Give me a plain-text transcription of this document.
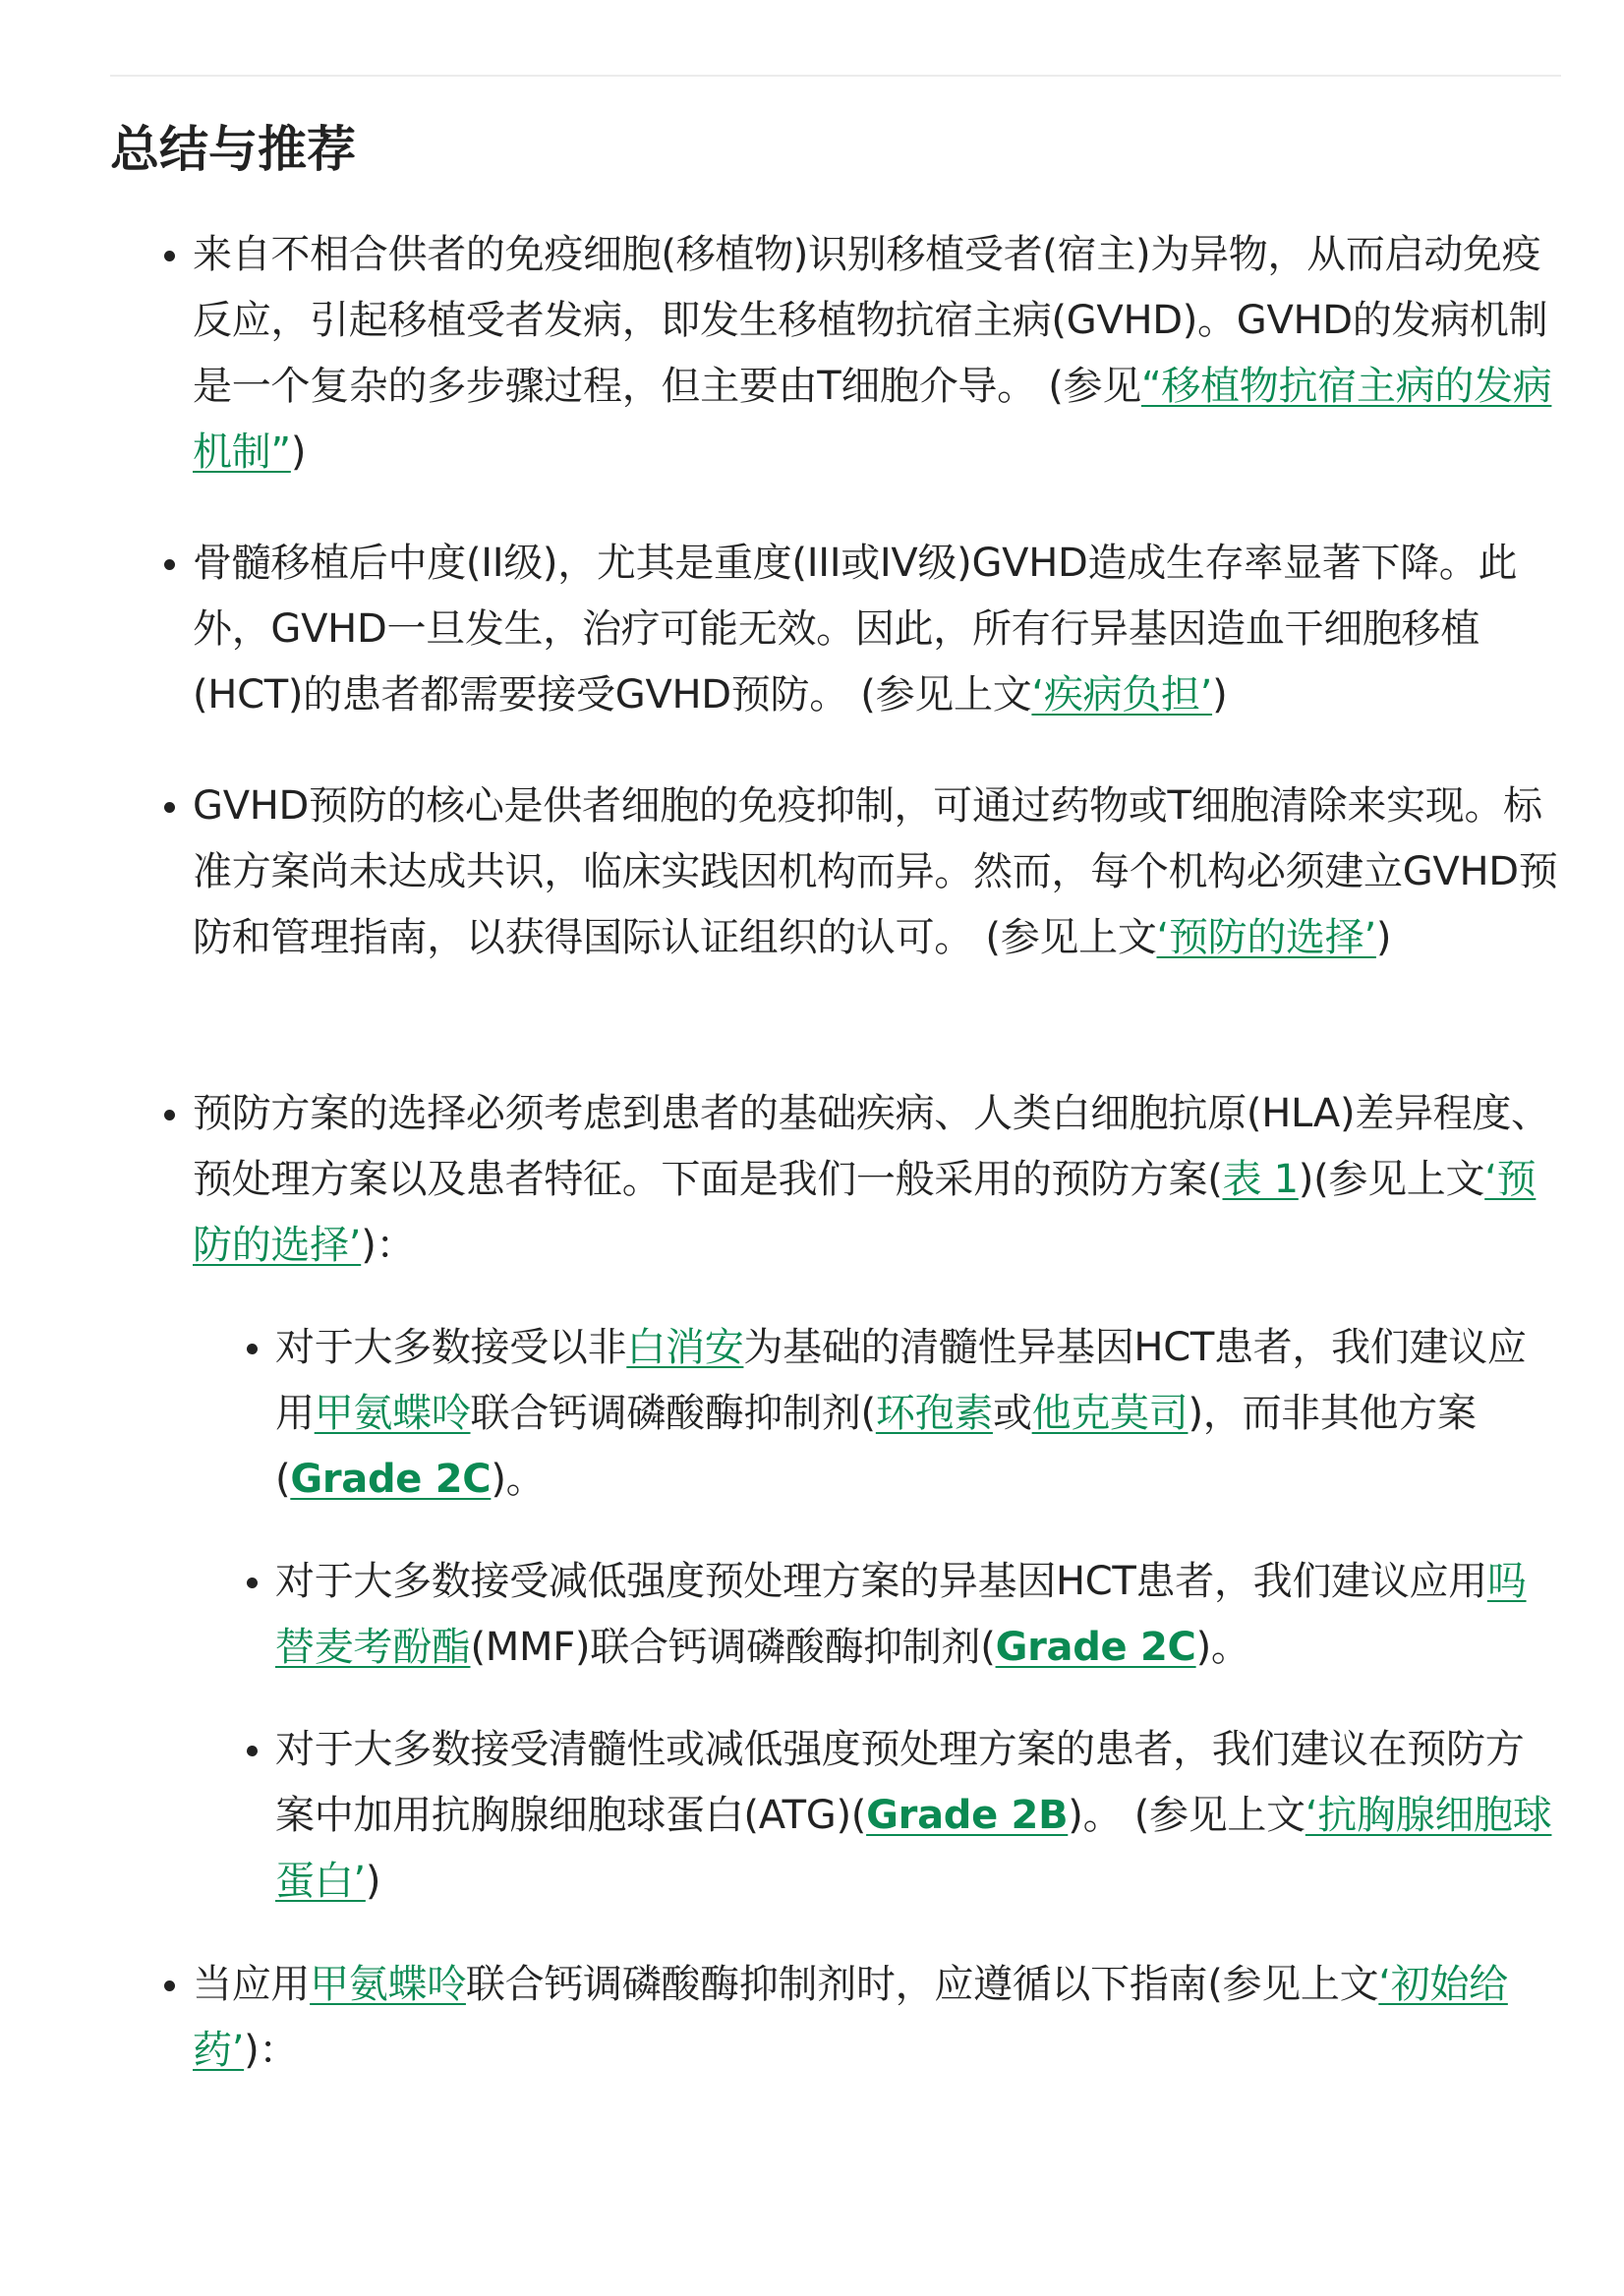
总结与推荐
来自不相合供者的免疫细胞(移植物)识别移植受者(宿主)为异物，从而启动免疫反应，引起移植受者发病，即发生移植物抗宿主病(GVHD)。GVHD的发病机制是一个复杂的多步骤过程，但主要由T细胞介导。 (参见“移植物抗宿主病的发病机制”)
骨髓移植后中度(II级)，尤其是重度(III或IV级)GVHD造成生存率显著下降。此外，GVHD一旦发生，治疗可能无效。因此，所有行异基因造血干细胞移植(HCT)的患者都需要接受GVHD预防。 (参见上文‘疾病负担’)
GVHD预防的核心是供者细胞的免疫抑制，可通过药物或T细胞清除来实现。标准方案尚未达成共识，临床实践因机构而异。然而，每个机构必须建立GVHD预防和管理指南，以获得国际认证组织的认可。 (参见上文‘预防的选择’)
预防方案的选择必须考虑到患者的基础疾病、人类白细胞抗原(HLA)差异程度、预处理方案以及患者特征。下面是我们一般采用的预防方案(表 1)(参见上文‘预防的选择’)：
对于大多数接受以非白消安为基础的清髓性异基因HCT患者，我们建议应用甲氨蝶呤联合钙调磷酸酶抑制剂(环孢素或他克莫司)，而非其他方案(Grade 2C)。
对于大多数接受减低强度预处理方案的异基因HCT患者，我们建议应用吗替麦考酚酯(MMF)联合钙调磷酸酶抑制剂(Grade 2C)。
对于大多数接受清髓性或减低强度预处理方案的患者，我们建议在预防方案中加用抗胸腺细胞球蛋白(ATG)(Grade 2B)。 (参见上文‘抗胸腺细胞球蛋白’)
当应用甲氨蝶呤联合钙调磷酸酶抑制剂时，应遵循以下指南(参见上文‘初始给药’)：
